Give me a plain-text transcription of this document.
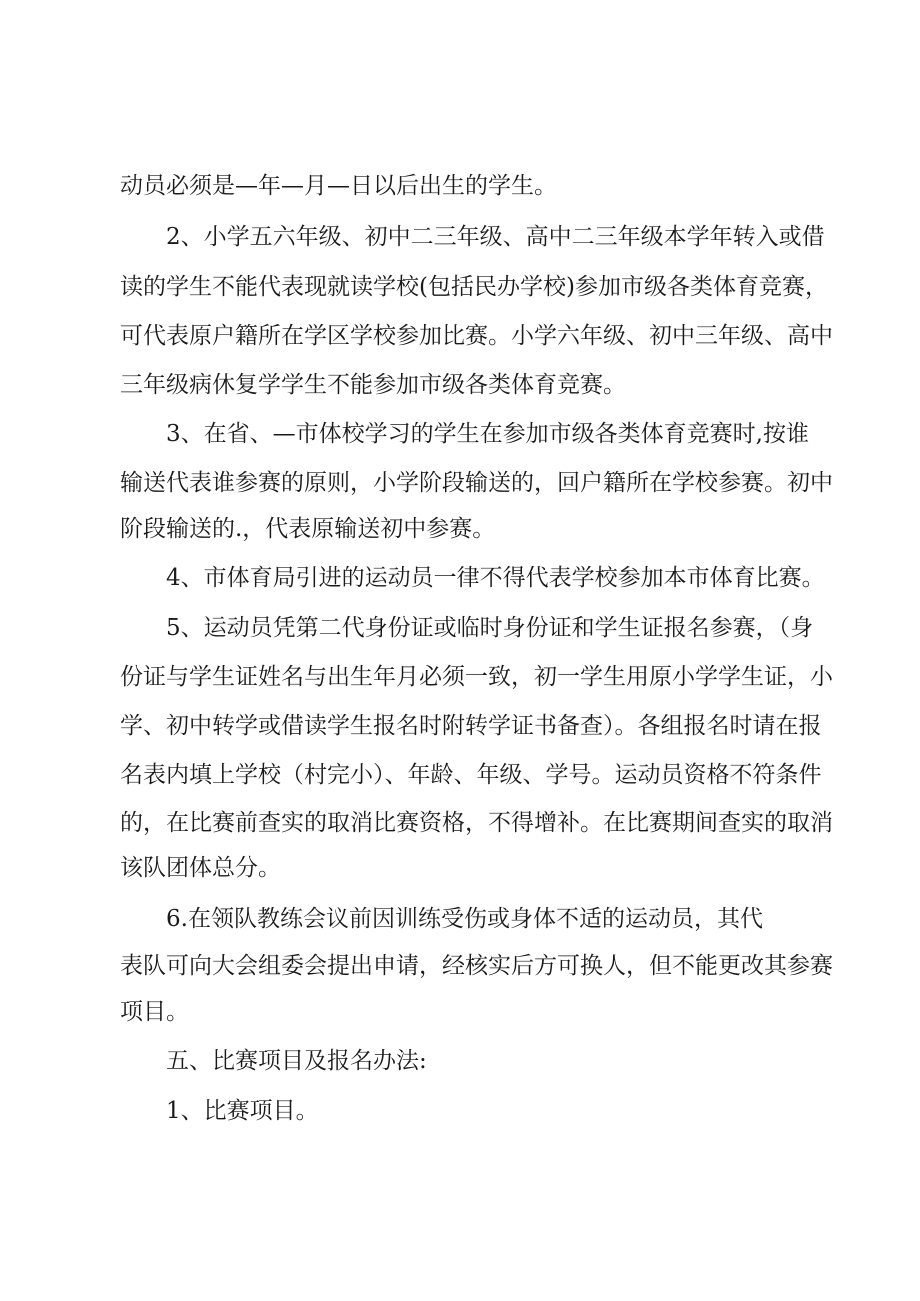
动员必须是—年—月—日以后出生的学生。
2、小学五六年级、初中二三年级、高中二三年级本学年转入或借
读的学生不能代表现就读学校(包括民办学校)参加市级各类体育竞赛，
可代表原户籍所在学区学校参加比赛。小学六年级、初中三年级、高中
三年级病休复学学生不能参加市级各类体育竞赛。
3、在省、—市体校学习的学生在参加市级各类体育竞赛时,按谁
输送代表谁参赛的原则，小学阶段输送的，回户籍所在学校参赛。初中
阶段输送的.，代表原输送初中参赛。
4、市体育局引进的运动员一律不得代表学校参加本市体育比赛。
5、运动员凭第二代身份证或临时身份证和学生证报名参赛，（身
份证与学生证姓名与出生年月必须一致，初一学生用原小学学生证，小
学、初中转学或借读学生报名时附转学证书备查）。各组报名时请在报
名表内填上学校（村完小）、年龄、年级、学号。运动员资格不符条件
的，在比赛前查实的取消比赛资格，不得增补。在比赛期间查实的取消
该队团体总分。
6.在领队教练会议前因训练受伤或身体不适的运动员，其代
表队可向大会组委会提出申请，经核实后方可换人，但不能更改其参赛
项目。
五、比赛项目及报名办法:
1、比赛项目。
